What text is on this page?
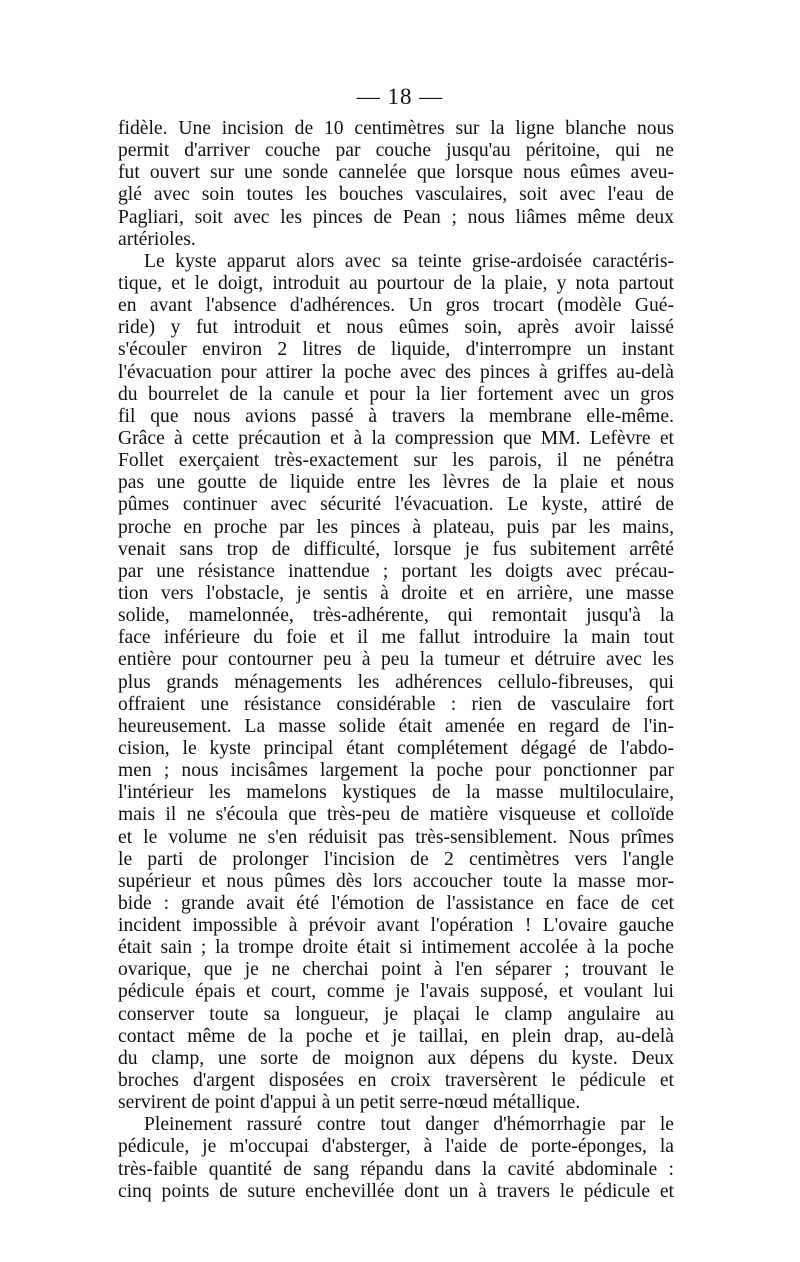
— 18 —
fidèle. Une incision de 10 centimètres sur la ligne blanche nous
permit d'arriver couche par couche jusqu'au péritoine, qui ne
fut ouvert sur une sonde cannelée que lorsque nous eûmes aveu-
glé avec soin toutes les bouches vasculaires, soit avec l'eau de
Pagliari, soit avec les pinces de Pean ; nous liâmes même deux
artérioles.
Le kyste apparut alors avec sa teinte grise-ardoisée caractéris-
tique, et le doigt, introduit au pourtour de la plaie, y nota partout
en avant l'absence d'adhérences. Un gros trocart (modèle Gué-
ride) y fut introduit et nous eûmes soin, après avoir laissé
s'écouler environ 2 litres de liquide, d'interrompre un instant
l'évacuation pour attirer la poche avec des pinces à griffes au-delà
du bourrelet de la canule et pour la lier fortement avec un gros
fil que nous avions passé à travers la membrane elle-même.
Grâce à cette précaution et à la compression que MM. Lefèvre et
Follet exerçaient très-exactement sur les parois, il ne pénétra
pas une goutte de liquide entre les lèvres de la plaie et nous
pûmes continuer avec sécurité l'évacuation. Le kyste, attiré de
proche en proche par les pinces à plateau, puis par les mains,
venait sans trop de difficulté, lorsque je fus subitement arrêté
par une résistance inattendue ; portant les doigts avec précau-
tion vers l'obstacle, je sentis à droite et en arrière, une masse
solide, mamelonnée, très-adhérente, qui remontait jusqu'à la
face inférieure du foie et il me fallut introduire la main tout
entière pour contourner peu à peu la tumeur et détruire avec les
plus grands ménagements les adhérences cellulo-fibreuses, qui
offraient une résistance considérable : rien de vasculaire fort
heureusement. La masse solide était amenée en regard de l'in-
cision, le kyste principal étant complétement dégagé de l'abdo-
men ; nous incisâmes largement la poche pour ponctionner par
l'intérieur les mamelons kystiques de la masse multiloculaire,
mais il ne s'écoula que très-peu de matière visqueuse et colloïde
et le volume ne s'en réduisit pas très-sensiblement. Nous prîmes
le parti de prolonger l'incision de 2 centimètres vers l'angle
supérieur et nous pûmes dès lors accoucher toute la masse mor-
bide : grande avait été l'émotion de l'assistance en face de cet
incident impossible à prévoir avant l'opération ! L'ovaire gauche
était sain ; la trompe droite était si intimement accolée à la poche
ovarique, que je ne cherchai point à l'en séparer ; trouvant le
pédicule épais et court, comme je l'avais supposé, et voulant lui
conserver toute sa longueur, je plaçai le clamp angulaire au
contact même de la poche et je taillai, en plein drap, au-delà
du clamp, une sorte de moignon aux dépens du kyste. Deux
broches d'argent disposées en croix traversèrent le pédicule et
servirent de point d'appui à un petit serre-nœud métallique.
Pleinement rassuré contre tout danger d'hémorrhagie par le
pédicule, je m'occupai d'absterger, à l'aide de porte-éponges, la
très-faible quantité de sang répandu dans la cavité abdominale :
cinq points de suture enchevillée dont un à travers le pédicule et
